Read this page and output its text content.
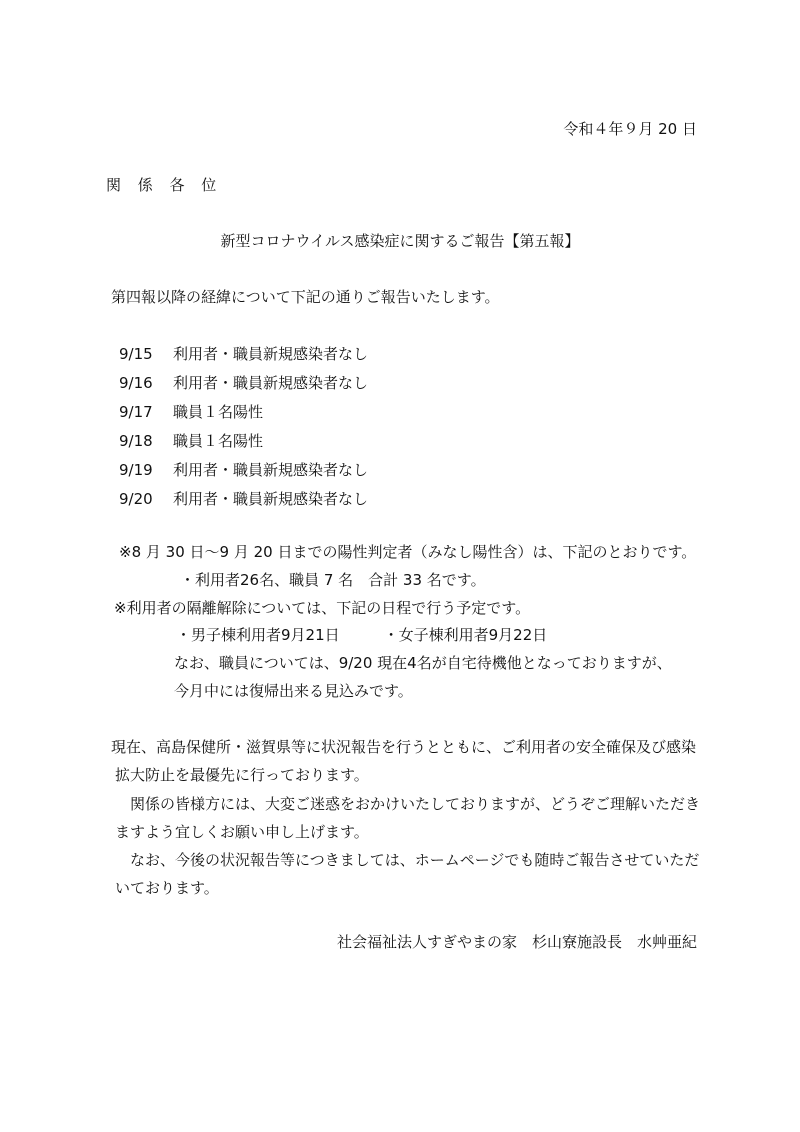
令和４年９月 20 日
関 係 各 位
新型コロナウイルス感染症に関するご報告【第五報】
第四報以降の経緯について下記の通りご報告いたします。
9/15	利用者・職員新規感染者なし
9/16	利用者・職員新規感染者なし
9/17	職員１名陽性
9/18	職員１名陽性
9/19	利用者・職員新規感染者なし
9/20	利用者・職員新規感染者なし
※8 月 30 日～9 月 20 日までの陽性判定者（みなし陽性含）は、下記のとおりです。
・利用者26名、職員 7 名　合計 33 名です。
※利用者の隔離解除については、下記の日程で行う予定です。
・男子棟利用者9月21日	・女子棟利用者9月22日
なお、職員については、9/20 現在4名が自宅待機他となっておりますが、
今月中には復帰出来る見込みです。
現在、高島保健所・滋賀県等に状況報告を行うとともに、ご利用者の安全確保及び感染
拡大防止を最優先に行っております。
関係の皆様方には、大変ご迷惑をおかけいたしておりますが、どうぞご理解いただき
ますよう宜しくお願い申し上げます。
なお、今後の状況報告等につきましては、ホームページでも随時ご報告させていただ
いております。
社会福祉法人すぎやまの家　杉山寮施設長　水艸亜紀
